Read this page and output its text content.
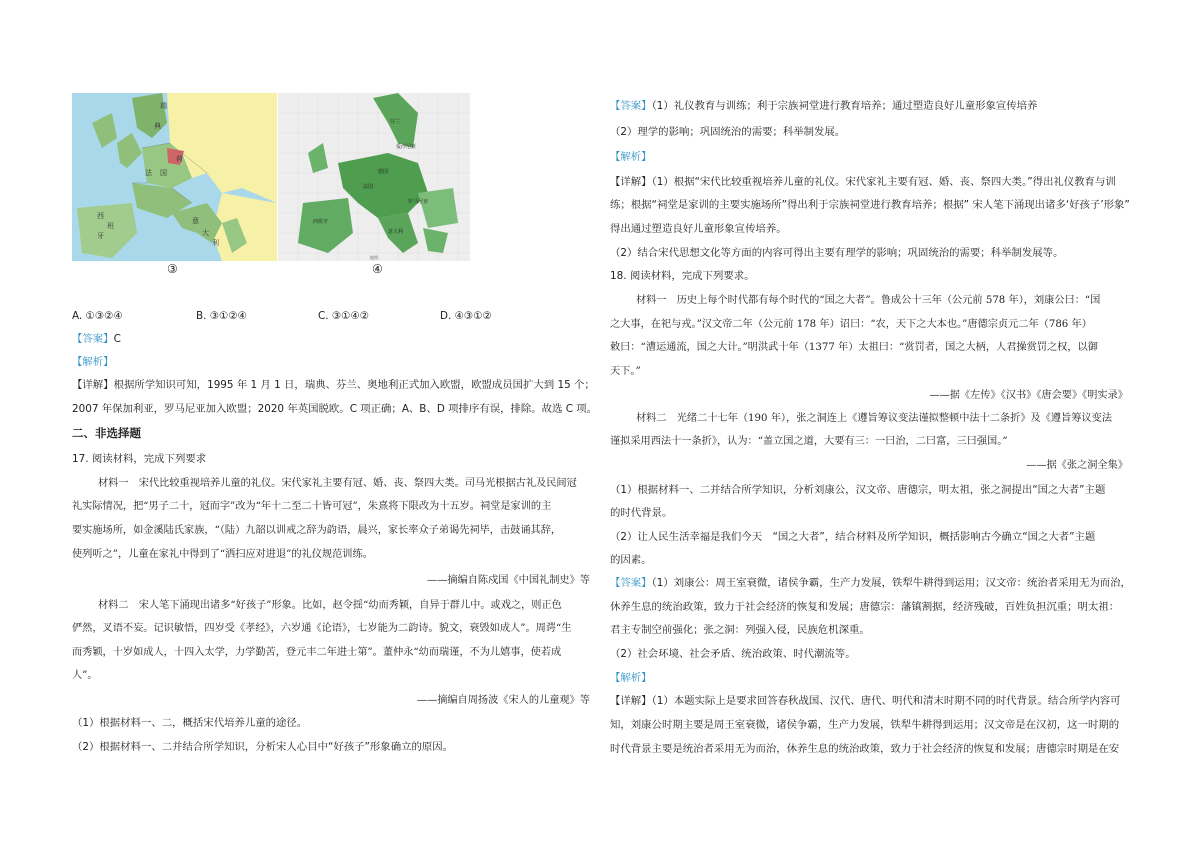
瑞
典
荷
法 国
西
班
牙
意
大
利
芬兰
爱沙尼亚
德国
法国
罗马尼亚
西班牙
意大利
地图
③	④
A. ①③②④	B. ③①②④	C. ③①④②	D. ④③①②
【答案】C
【解析】
【详解】根据所学知识可知，1995 年 1 月 1 日，瑞典、芬兰、奥地利正式加入欧盟，欧盟成员国扩大到 15 个；
2007 年保加利亚，罗马尼亚加入欧盟；2020 年英国脱欧。C 项正确；A、B、D 项排序有误，排除。故选 C 项。
二、非选择题
17. 阅读材料，完成下列要求
材料一　宋代比较重视培养儿童的礼仪。宋代家礼主要有冠、婚、丧、祭四大类。司马光根据古礼及民间冠
礼实际情况，把“男子二十，冠而字”改为“年十二至二十皆可冠”，朱熹将下限改为十五岁。祠堂是家训的主
要实施场所，如金溪陆氏家族，“（陆）九韶以训戒之辞为韵语，晨兴，家长率众子弟谒先祠毕，击鼓诵其辞，
使列听之”，儿童在家礼中得到了“洒扫应对进退”的礼仪规范训练。
——摘编自陈戍国《中国礼制史》等
材料二　宋人笔下涌现出诸多“好孩子”形象。比如，赵令揺“幼而秀颖，自异于群儿中。或戏之，则正色
俨然，叉语不妄。记识敏悟，四岁受《孝经》，六岁通《论语》，七岁能为二韵诗。貌文，衰毁如成人”。周谔“生
而秀颖，十岁如成人，十四入太学，力学勤苦，登元丰二年进士第”。董仲永“幼而瑞谨，不为儿嬉事，使若成
人”。
——摘编自周扬波《宋人的儿童观》等
（1）根据材料一、二，概括宋代培养儿童的途径。
（2）根据材料一、二并结合所学知识，分析宋人心目中“好孩子”形象确立的原因。
【答案】（1）礼仪教育与训练；利于宗族祠堂进行教育培养；通过塑造良好儿童形象宣传培养
（2）理学的影响；巩固统治的需要；科举制发展。
【解析】
【详解】（1）根据“宋代比较重视培养儿童的礼仪。宋代家礼主要有冠、婚、丧、祭四大类。”得出礼仪教育与训
练；根据“祠堂是家训的主要实施场所”得出利于宗族祠堂进行教育培养；根据” 宋人笔下涌现出诸多‘好孩子’形象”
得出通过塑造良好儿童形象宣传培养。
（2）结合宋代思想文化等方面的内容可得出主要有理学的影响；巩固统治的需要；科举制发展等。
18. 阅读材料，完成下列要求。
材料一　历史上每个时代都有每个时代的“国之大者”。鲁成公十三年（公元前 578 年），刘康公曰：“国
之大事，在祀与戎。”汉文帝二年（公元前 178 年）诏曰：“农，天下之大本也。”唐德宗贞元二年（786 年）
敕曰：“漕运通流，国之大计。”明洪武十年（1377 年）太祖曰：“赏罚者，国之大柄，人君操赏罚之权，以御
天下。”
——据《左传》《汉书》《唐会要》《明实录》
材料二　光绪二十七年（190 年），张之洞连上《遵旨筹议变法谨拟整顿中法十二条折》及《遵旨筹议变法
谨拟采用西法十一条折》，认为：“盖立国之道，大要有三：一曰治，二曰富，三曰强国。”
——据《张之洞全集》
（1）根据材料一、二并结合所学知识，分析刘康公，汉文帝、唐德宗，明太祖，张之洞提出“国之大者”主题
的时代背景。
（2）让人民生活幸福是我们今天　“国之大者”，结合材料及所学知识，概括影响古今确立“国之大者”主题
的因素。
【答案】（1）刘康公：周王室衰微，诸侯争霸，生产力发展，铁犁牛耕得到运用；汉文帝：统治者采用无为而治，
休养生息的统治政策，致力于社会经济的恢复和发展；唐德宗：藩镇割据，经济残破，百姓负担沉重；明太祖：
君主专制空前强化；张之洞：列强入侵，民族危机深重。
（2）社会环境、社会矛盾、统治政策、时代潮流等。
【解析】
【详解】（1）本题实际上是要求回答春秋战国、汉代、唐代、明代和清末时期不同的时代背景。结合所学内容可
知，刘康公时期主要是周王室衰微，诸侯争霸，生产力发展，铁犁牛耕得到运用；汉文帝是在汉初，这一时期的
时代背景主要是统治者采用无为而治，休养生息的统治政策，致力于社会经济的恢复和发展；唐德宗时期是在安
